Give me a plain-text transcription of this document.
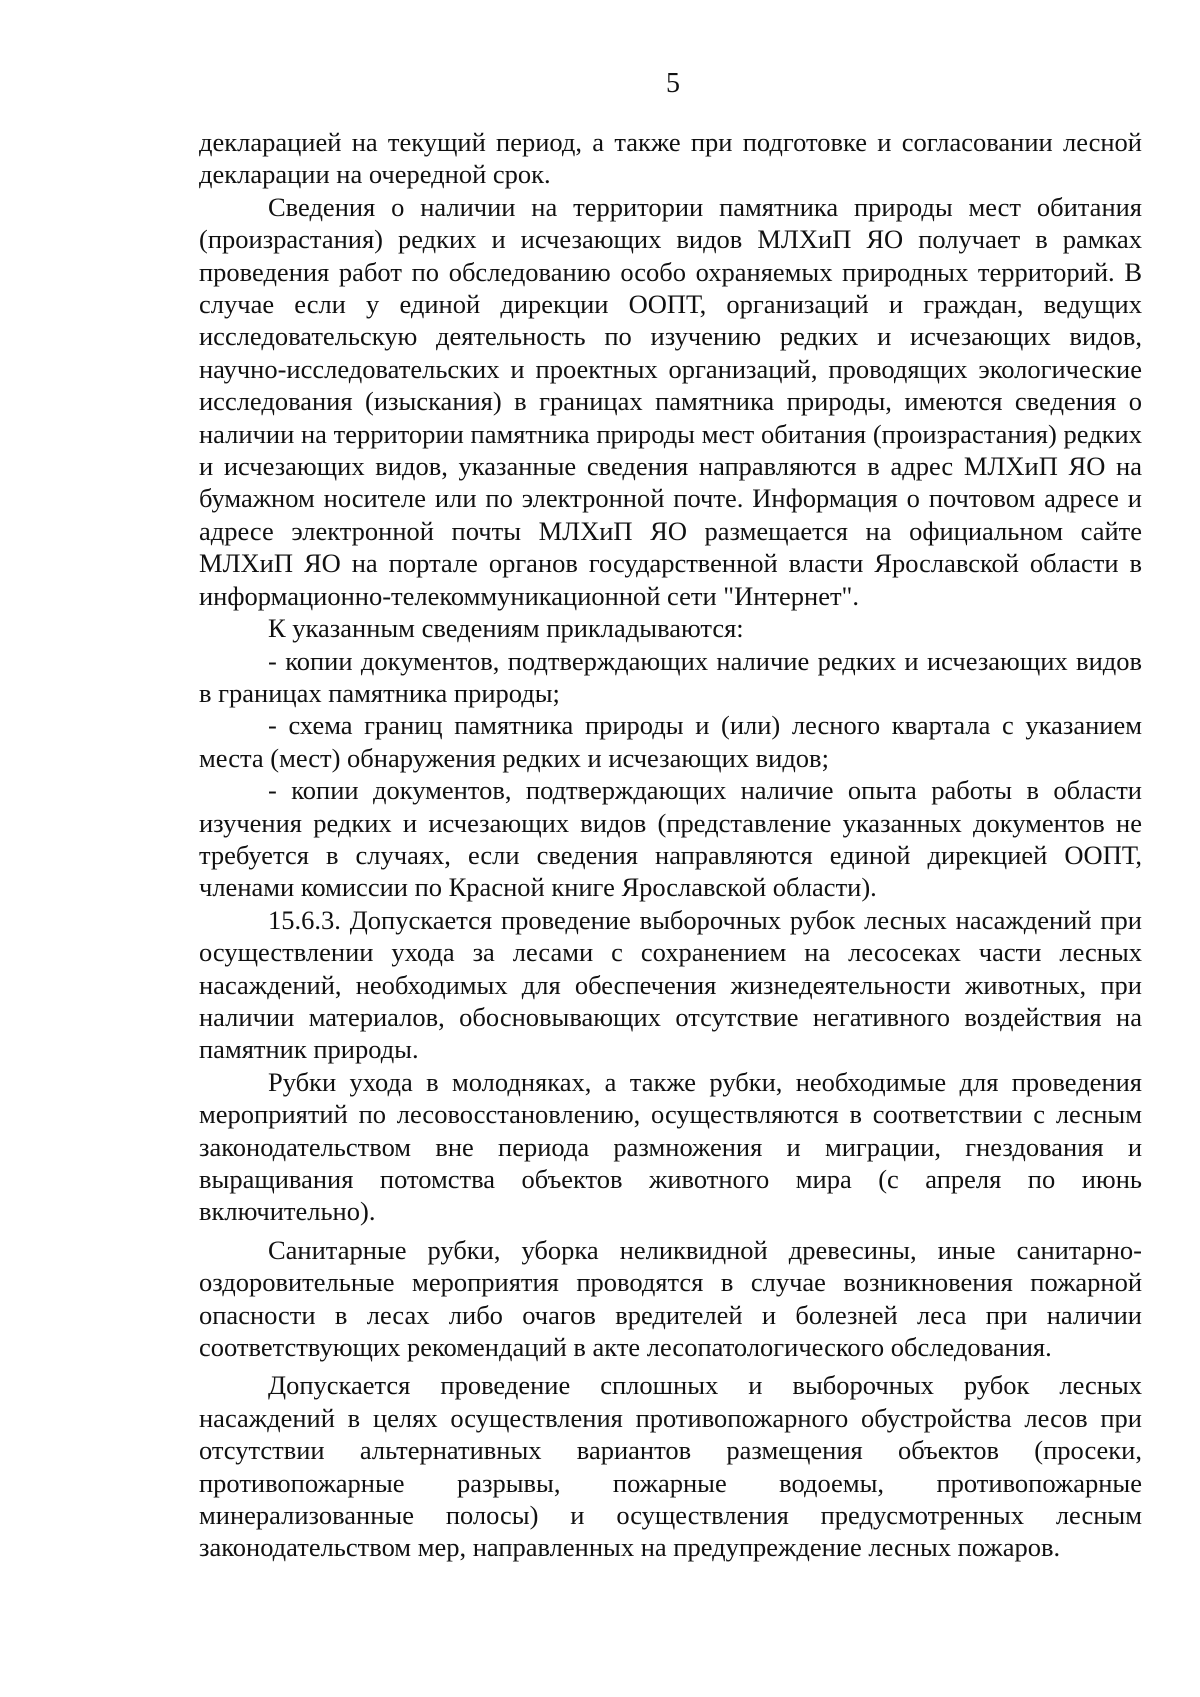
5

декларацией на текущий период, а также при подготовке и согласовании лесной декларации на очередной срок.

Сведения о наличии на территории памятника природы мест обитания (произрастания) редких и исчезающих видов МЛХиП ЯО получает в рамках проведения работ по обследованию особо охраняемых природных территорий. В случае если у единой дирекции ООПТ, организаций и граждан, ведущих исследовательскую деятельность по изучению редких и исчезающих видов, научно-исследовательских и проектных организаций, проводящих экологические исследования (изыскания) в границах памятника природы, имеются сведения о наличии на территории памятника природы мест обитания (произрастания) редких и исчезающих видов, указанные сведения направляются в адрес МЛХиП ЯО на бумажном носителе или по электронной почте. Информация о почтовом адресе и адресе электронной почты МЛХиП ЯО размещается на официальном сайте МЛХиП ЯО на портале органов государственной власти Ярославской области в информационно-телекоммуникационной сети "Интернет".

К указанным сведениям прикладываются:

- копии документов, подтверждающих наличие редких и исчезающих видов в границах памятника природы;

- схема границ памятника природы и (или) лесного квартала с указанием места (мест) обнаружения редких и исчезающих видов;

- копии документов, подтверждающих наличие опыта работы в области изучения редких и исчезающих видов (представление указанных документов не требуется в случаях, если сведения направляются единой дирекцией ООПТ, членами комиссии по Красной книге Ярославской области).

15.6.3. Допускается проведение выборочных рубок лесных насаждений при осуществлении ухода за лесами с сохранением на лесосеках части лесных насаждений, необходимых для обеспечения жизнедеятельности животных, при наличии материалов, обосновывающих отсутствие негативного воздействия на памятник природы.

Рубки ухода в молодняках, а также рубки, необходимые для проведения мероприятий по лесовосстановлению, осуществляются в соответствии с лесным законодательством вне периода размножения и миграции, гнездования и выращивания потомства объектов животного мира (с апреля по июнь включительно).

Санитарные рубки, уборка неликвидной древесины, иные санитарно-оздоровительные мероприятия проводятся в случае возникновения пожарной опасности в лесах либо очагов вредителей и болезней леса при наличии соответствующих рекомендаций в акте лесопатологического обследования.

Допускается проведение сплошных и выборочных рубок лесных насаждений в целях осуществления противопожарного обустройства лесов при отсутствии альтернативных вариантов размещения объектов (просеки, противопожарные разрывы, пожарные водоемы, противопожарные минерализованные полосы) и осуществления предусмотренных лесным законодательством мер, направленных на предупреждение лесных пожаров.
